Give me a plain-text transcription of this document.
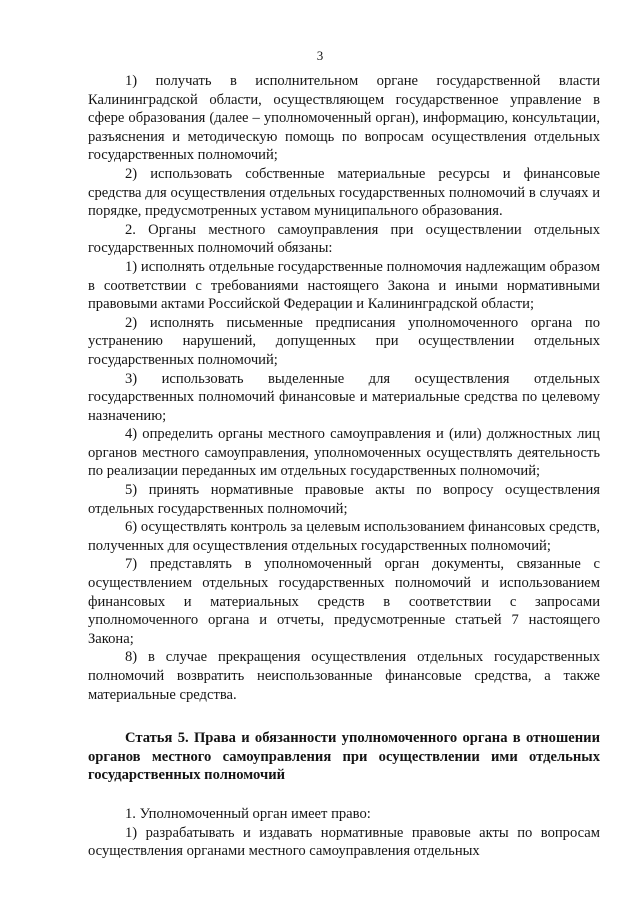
3

1) получать в исполнительном органе государственной власти Калининградской области, осуществляющем государственное управление в сфере образования (далее – уполномоченный орган), информацию, консультации, разъяснения и методическую помощь по вопросам осуществления отдельных государственных полномочий;

2) использовать собственные материальные ресурсы и финансовые средства для осуществления отдельных государственных полномочий в случаях и порядке, предусмотренных уставом муниципального образования.

2. Органы местного самоуправления при осуществлении отдельных государственных полномочий обязаны:

1) исполнять отдельные государственные полномочия надлежащим образом в соответствии с требованиями настоящего Закона и иными нормативными правовыми актами Российской Федерации и Калининградской области;

2) исполнять письменные предписания уполномоченного органа по устранению нарушений, допущенных при осуществлении отдельных государственных полномочий;

3) использовать выделенные для осуществления отдельных государственных полномочий финансовые и материальные средства по целевому назначению;

4) определить органы местного самоуправления и (или) должностных лиц органов местного самоуправления, уполномоченных осуществлять деятельность по реализации переданных им отдельных государственных полномочий;

5) принять нормативные правовые акты по вопросу осуществления отдельных государственных полномочий;

6) осуществлять контроль за целевым использованием финансовых средств, полученных для осуществления отдельных государственных полномочий;

7) представлять в уполномоченный орган документы, связанные с осуществлением отдельных государственных полномочий и использованием финансовых и материальных средств в соответствии с запросами уполномоченного органа и отчеты, предусмотренные статьей 7 настоящего Закона;

8) в случае прекращения осуществления отдельных государственных полномочий возвратить неиспользованные финансовые средства, а также материальные средства.

Статья 5. Права и обязанности уполномоченного органа в отношении органов местного самоуправления при осуществлении ими отдельных государственных полномочий

1. Уполномоченный орган имеет право:

1) разрабатывать и издавать нормативные правовые акты по вопросам осуществления органами местного самоуправления отдельных
